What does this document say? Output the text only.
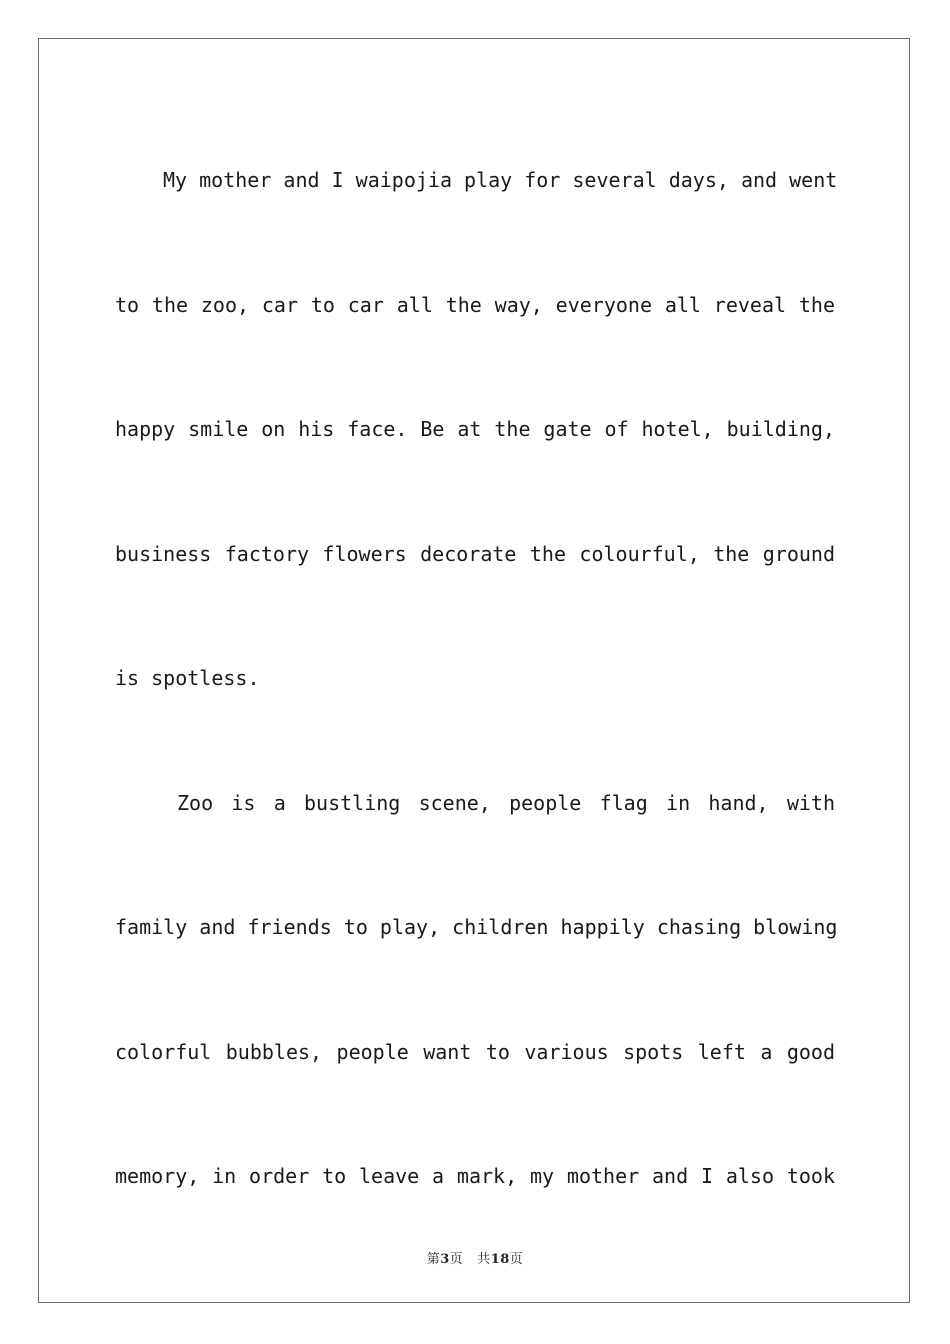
My mother and I waipojia play for several days, and went
to the zoo, car to car all the way, everyone all reveal the
happy smile on his face. Be at the gate of hotel, building,
business factory flowers decorate the colourful, the ground
is spotless.

Zoo is a bustling scene, people flag in hand, with
family and friends to play, children happily chasing blowing
colorful bubbles, people want to various spots left a good
memory, in order to leave a mark, my mother and I also took

第3页 共18页
